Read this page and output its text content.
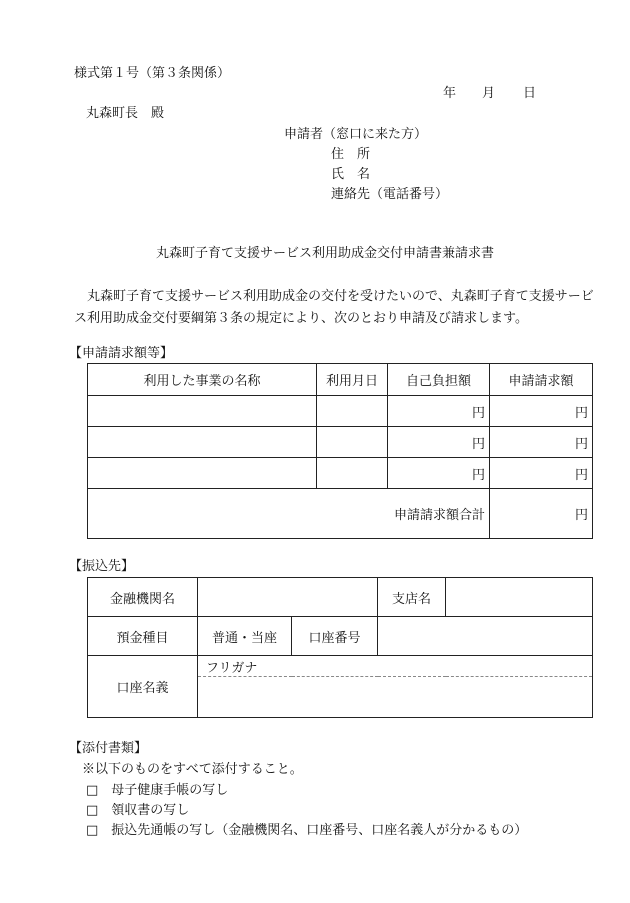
様式第１号（第３条関係）
年 月 日
丸森町長　殿
申請者（窓口に来た方）
住　所
氏　名
連絡先（電話番号）
丸森町子育て支援サービス利用助成金交付申請書兼請求書
丸森町子育て支援サービス利用助成金の交付を受けたいので、丸森町子育て支援サービス利用助成金交付要綱第３条の規定により、次のとおり申請及び請求します。
【申請請求額等】
利用した事業の名称	利用月日	自己負担額	申請請求額
		円	円
		円	円
		円	円
申請請求額合計			円
【振込先】
金融機関名			支店名	
預金種目	普通・当座	口座番号		
口座名義	フリガナ			

【添付書類】
※以下のものをすべて添付すること。
□　母子健康手帳の写し
□　領収書の写し
□　振込先通帳の写し（金融機関名、口座番号、口座名義人が分かるもの）
